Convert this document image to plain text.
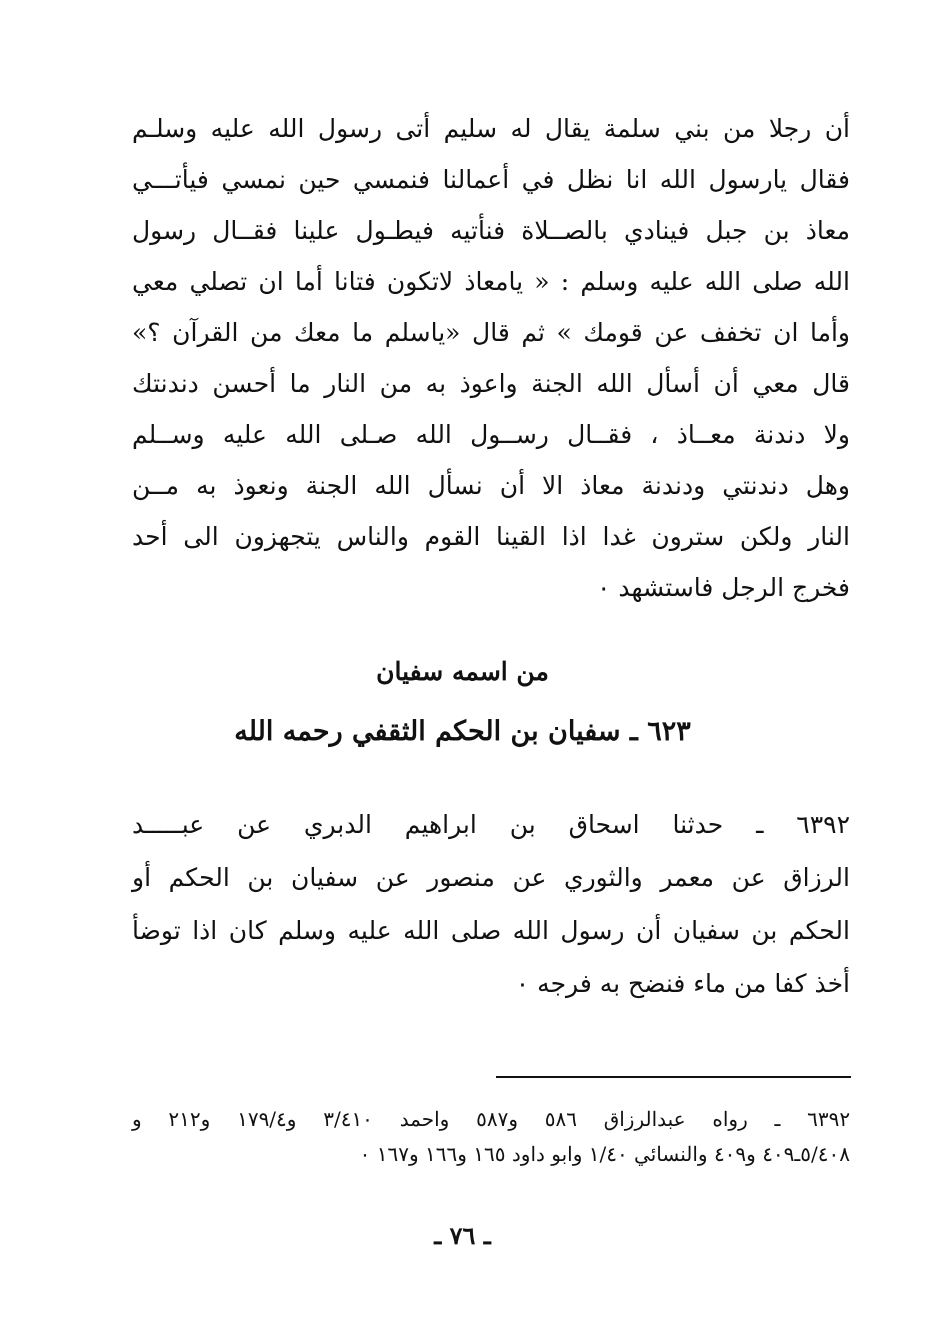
أن رجلا من بني سلمة يقال له سليم أتى رسول الله عليه وسلـم
فقال يارسول الله انا نظل في أعمالنا فنمسي حين نمسي فيأتـــي
معاذ بن جبل فينادي بالصــلاة فنأتيه فيطـول علينا فقــال رسول
الله صلى الله عليه وسلم : « يامعاذ لاتكون فتانا أما ان تصلي معي
وأما ان تخفف عن قومك » ثم قال «ياسلم ما معك من القرآن ؟»
قال معي أن أسأل الله الجنة واعوذ به من النار ما أحسن دندنتك
ولا دندنة معــاذ ، فقــال رســول الله صـلى الله عليه وســلم
وهل دندنتي ودندنة معاذ الا أن نسأل الله الجنة ونعوذ به مــن
النار ولكن سترون غدا اذا القينا القوم والناس يتجهزون الى أحد
فخرج الرجل فاستشهد ٠
من اسمه سفيان
٦٢٣ ـ سفيان بن الحكم الثقفي رحمه الله
٦٣٩٢ ـ حدثنا اسحاق بن ابراهيم الدبري عن عبـــــد
الرزاق عن معمر والثوري عن منصور عن سفيان بن الحكم أو
الحكم بن سفيان أن رسول الله صلى الله عليه وسلم كان اذا توضأ
أخذ كفا من ماء فنضح به فرجه ٠
٦٣٩٢ ـ رواه عبدالرزاق ٥٨٦ و٥٨٧ واحمد ٣/٤١٠ و١٧٩/٤ و٢١٢ و
٥/٤٠٨ـ٤٠٩ و٤٠٩ والنسائي ١/٤٠ وابو داود ١٦٥ و١٦٦ و١٦٧ ٠
ـ ٧٦ ـ
